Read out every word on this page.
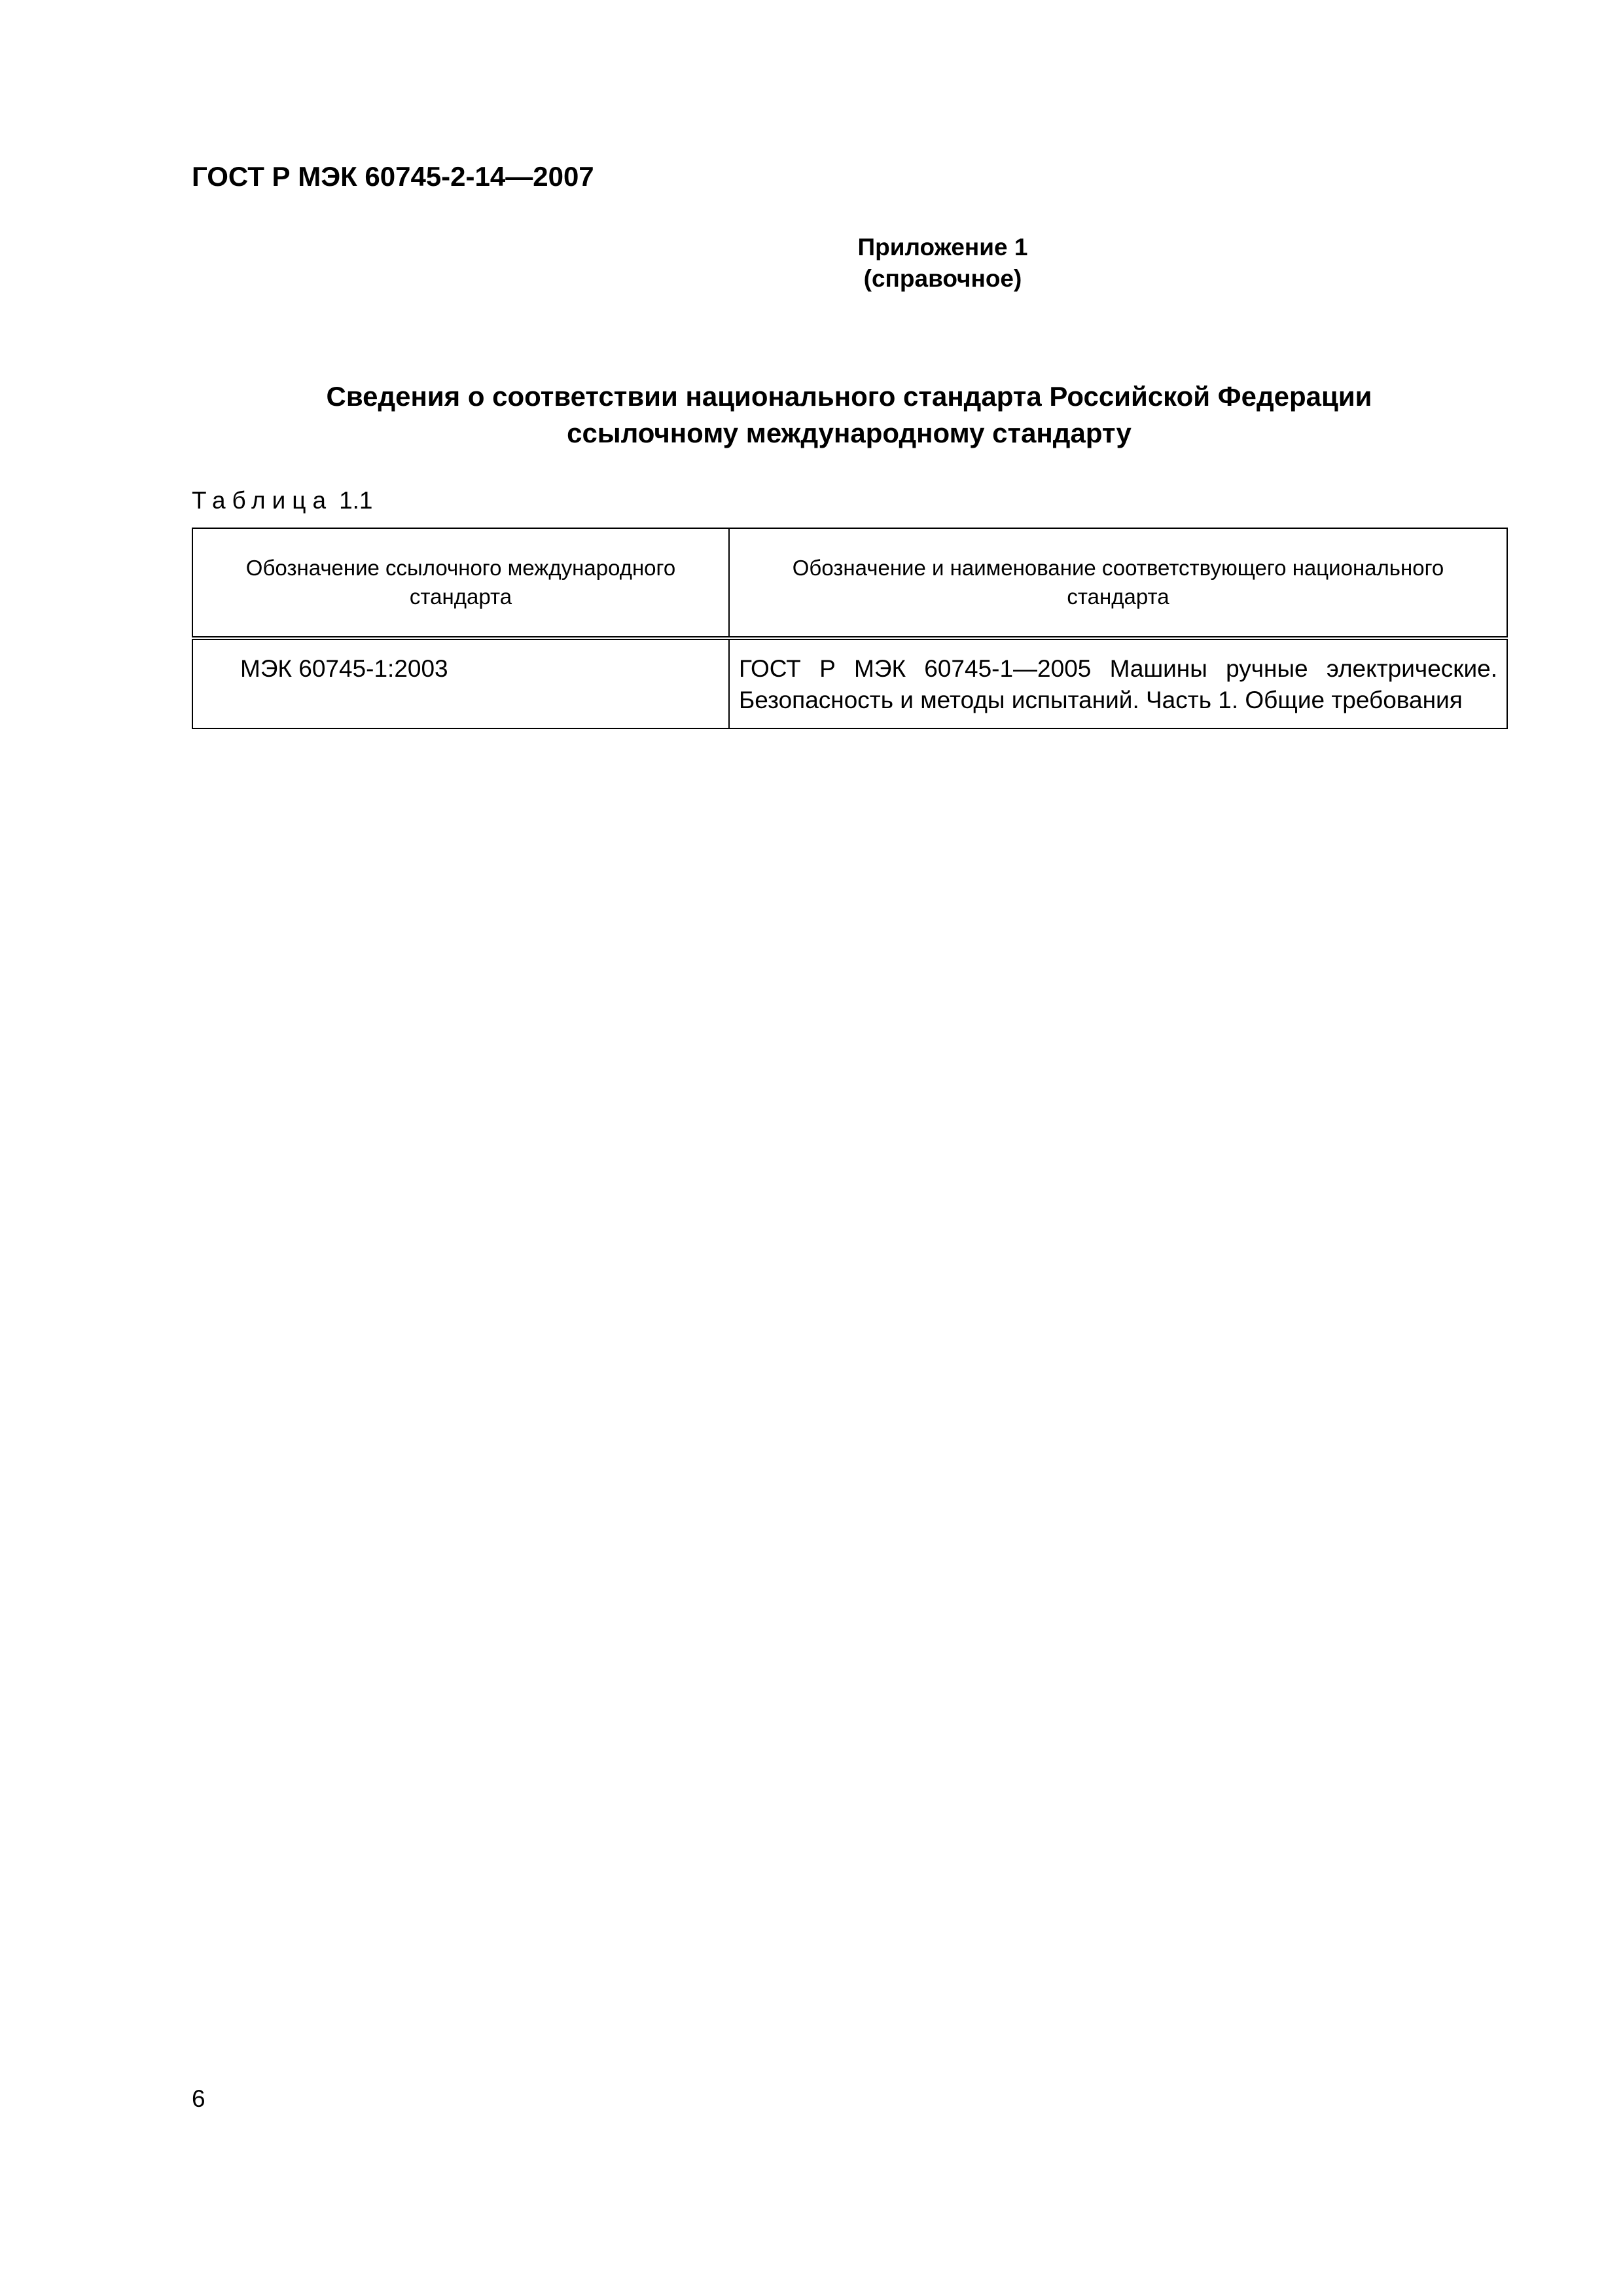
ГОСТ Р МЭК 60745-2-14—2007
Приложение 1
(справочное)
Сведения о соответствии национального стандарта Российской Федерации
ссылочному международному стандарту
Таблица 1.1
Обозначение ссылочного международного стандарта	Обозначение и наименование соответствующего национального стандарта
МЭК 60745-1:2003	ГОСТ Р МЭК 60745-1—2005 Машины ручные электрические. Безопасность и методы испытаний. Часть 1. Общие требования
6
